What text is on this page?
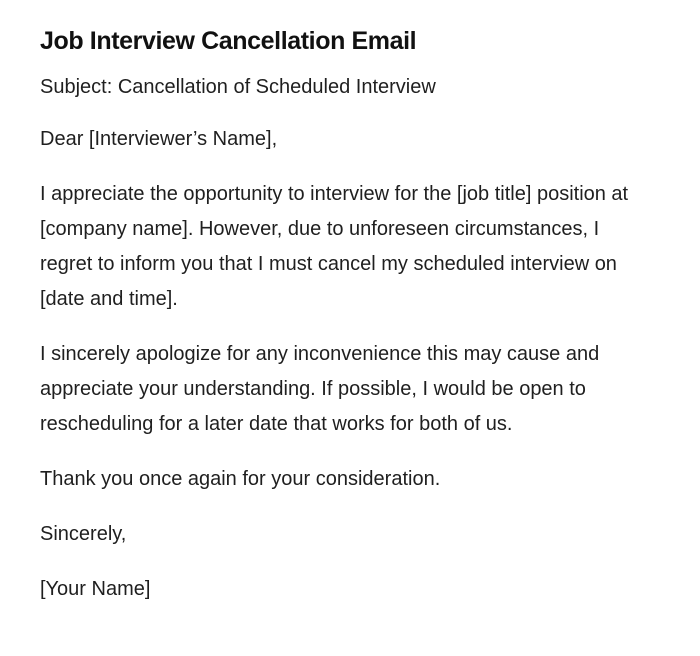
Job Interview Cancellation Email
Subject: Cancellation of Scheduled Interview
Dear [Interviewer’s Name],
I appreciate the opportunity to interview for the [job title] position at [company name]. However, due to unforeseen circumstances, I regret to inform you that I must cancel my scheduled interview on [date and time].
I sincerely apologize for any inconvenience this may cause and appreciate your understanding. If possible, I would be open to rescheduling for a later date that works for both of us.
Thank you once again for your consideration.
Sincerely,
[Your Name]
